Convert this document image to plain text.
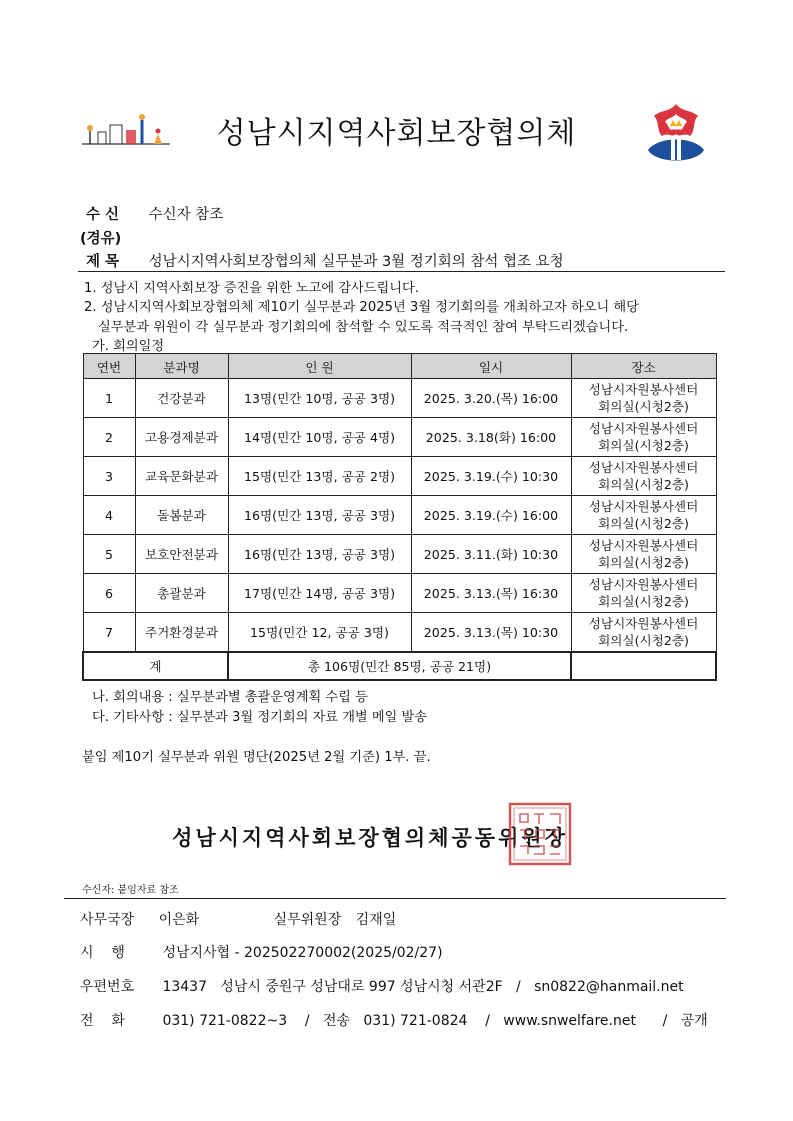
성남시지역사회보장협의체
수 신 수신자 참조
(경유)
제 목 성남시지역사회보장협의체 실무분과 3월 정기회의 참석 협조 요청
1. 성남시 지역사회보장 증진을 위한 노고에 감사드립니다.
2. 성남시지역사회보장협의체 제10기 실무분과 2025년 3월 정기회의를 개최하고자 하오니 해당
실무분과 위원이 각 실무분과 정기회의에 참석할 수 있도록 적극적인 참여 부탁드리겠습니다.
가. 회의일정
연번	분과명	인 원	일시	장소
1	건강분과	13명(민간 10명, 공공 3명)	2025. 3.20.(목) 16:00	성남시자원봉사센터
회의실(시청2층)
2	고용경제분과	14명(민간 10명, 공공 4명)	2025. 3.18(화) 16:00	성남시자원봉사센터
회의실(시청2층)
3	교육문화분과	15명(민간 13명, 공공 2명)	2025. 3.19.(수) 10:30	성남시자원봉사센터
회의실(시청2층)
4	돌봄분과	16명(민간 13명, 공공 3명)	2025. 3.19.(수) 16:00	성남시자원봉사센터
회의실(시청2층)
5	보호안전분과	16명(민간 13명, 공공 3명)	2025. 3.11.(화) 10:30	성남시자원봉사센터
회의실(시청2층)
6	총괄분과	17명(민간 14명, 공공 3명)	2025. 3.13.(목) 16:30	성남시자원봉사센터
회의실(시청2층)
7	주거환경분과	15명(민간 12, 공공 3명)	2025. 3.13.(목) 10:30	성남시자원봉사센터
회의실(시청2층)
계		총 106명(민간 85명, 공공 21명)		
나. 회의내용 : 실무분과별 총괄운영계획 수립 등
다. 기타사항 : 실무분과 3월 정기회의 자료 개별 메일 발송
붙임 제10기 실무분과 위원 명단(2025년 2월 기준) 1부. 끝.
성남시지역사회보장협의체공동위원장
수신자: 붙임자료 참조
사무국장 이은화	실무위원장 김재일
시    행	성남지사협 - 202502270002(2025/02/27)
우편번호 13437   성남시 중원구 성남대로 997 성남시청 서관2F   /   sn0822@hanmail.net
전    화	031) 721-0822~3    /   전송   031) 721-0824    /   www.snwelfare.net      /   공개
